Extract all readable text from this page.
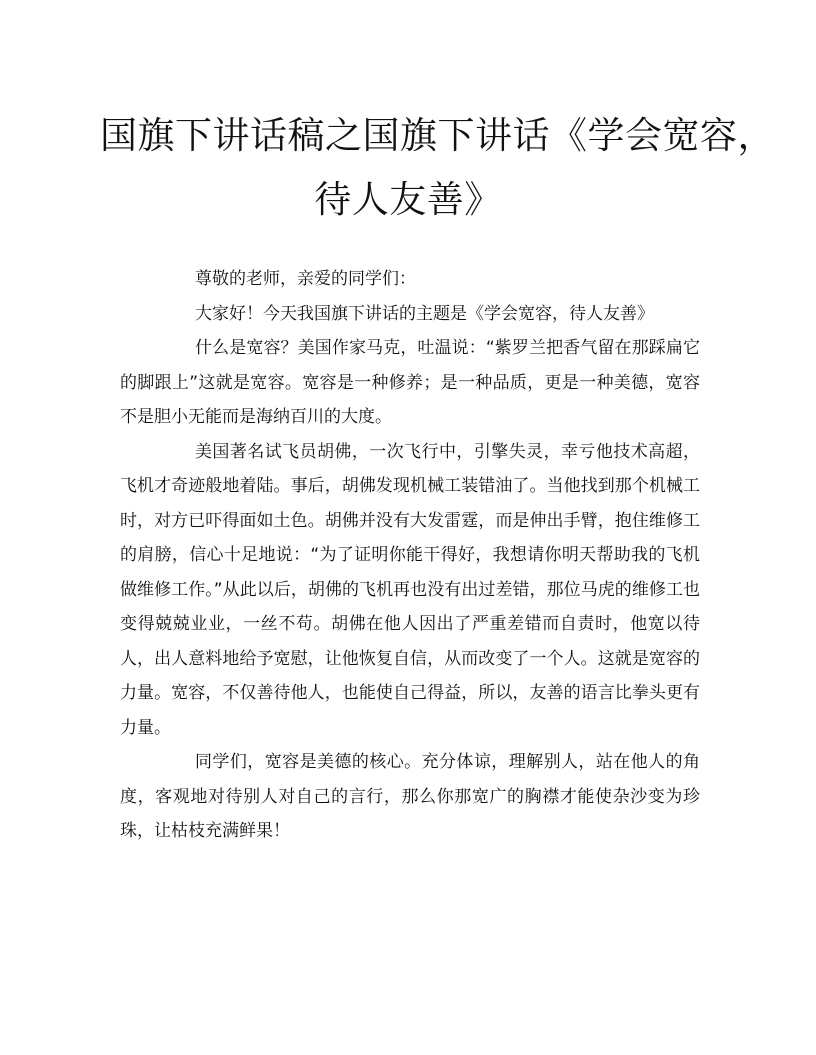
国旗下讲话稿之国旗下讲话《学会宽容，
待人友善》

尊敬的老师，亲爱的同学们：

大家好！今天我国旗下讲话的主题是《学会宽容，待人友善》

什么是宽容？美国作家马克，吐温说：“紫罗兰把香气留在那踩扁它的脚跟上”这就是宽容。宽容是一种修养；是一种品质，更是一种美德，宽容不是胆小无能而是海纳百川的大度。

美国著名试飞员胡佛，一次飞行中，引擎失灵，幸亏他技术高超，飞机才奇迹般地着陆。事后，胡佛发现机械工装错油了。当他找到那个机械工时，对方已吓得面如土色。胡佛并没有大发雷霆，而是伸出手臂，抱住维修工的肩膀，信心十足地说：“为了证明你能干得好，我想请你明天帮助我的飞机做维修工作。”从此以后，胡佛的飞机再也没有出过差错，那位马虎的维修工也变得兢兢业业，一丝不苟。胡佛在他人因出了严重差错而自责时，他宽以待人，出人意料地给予宽慰，让他恢复自信，从而改变了一个人。这就是宽容的力量。宽容，不仅善待他人，也能使自己得益，所以，友善的语言比拳头更有力量。

同学们，宽容是美德的核心。充分体谅，理解别人，站在他人的角度，客观地对待别人对自己的言行，那么你那宽广的胸襟才能使杂沙变为珍珠，让枯枝充满鲜果！
